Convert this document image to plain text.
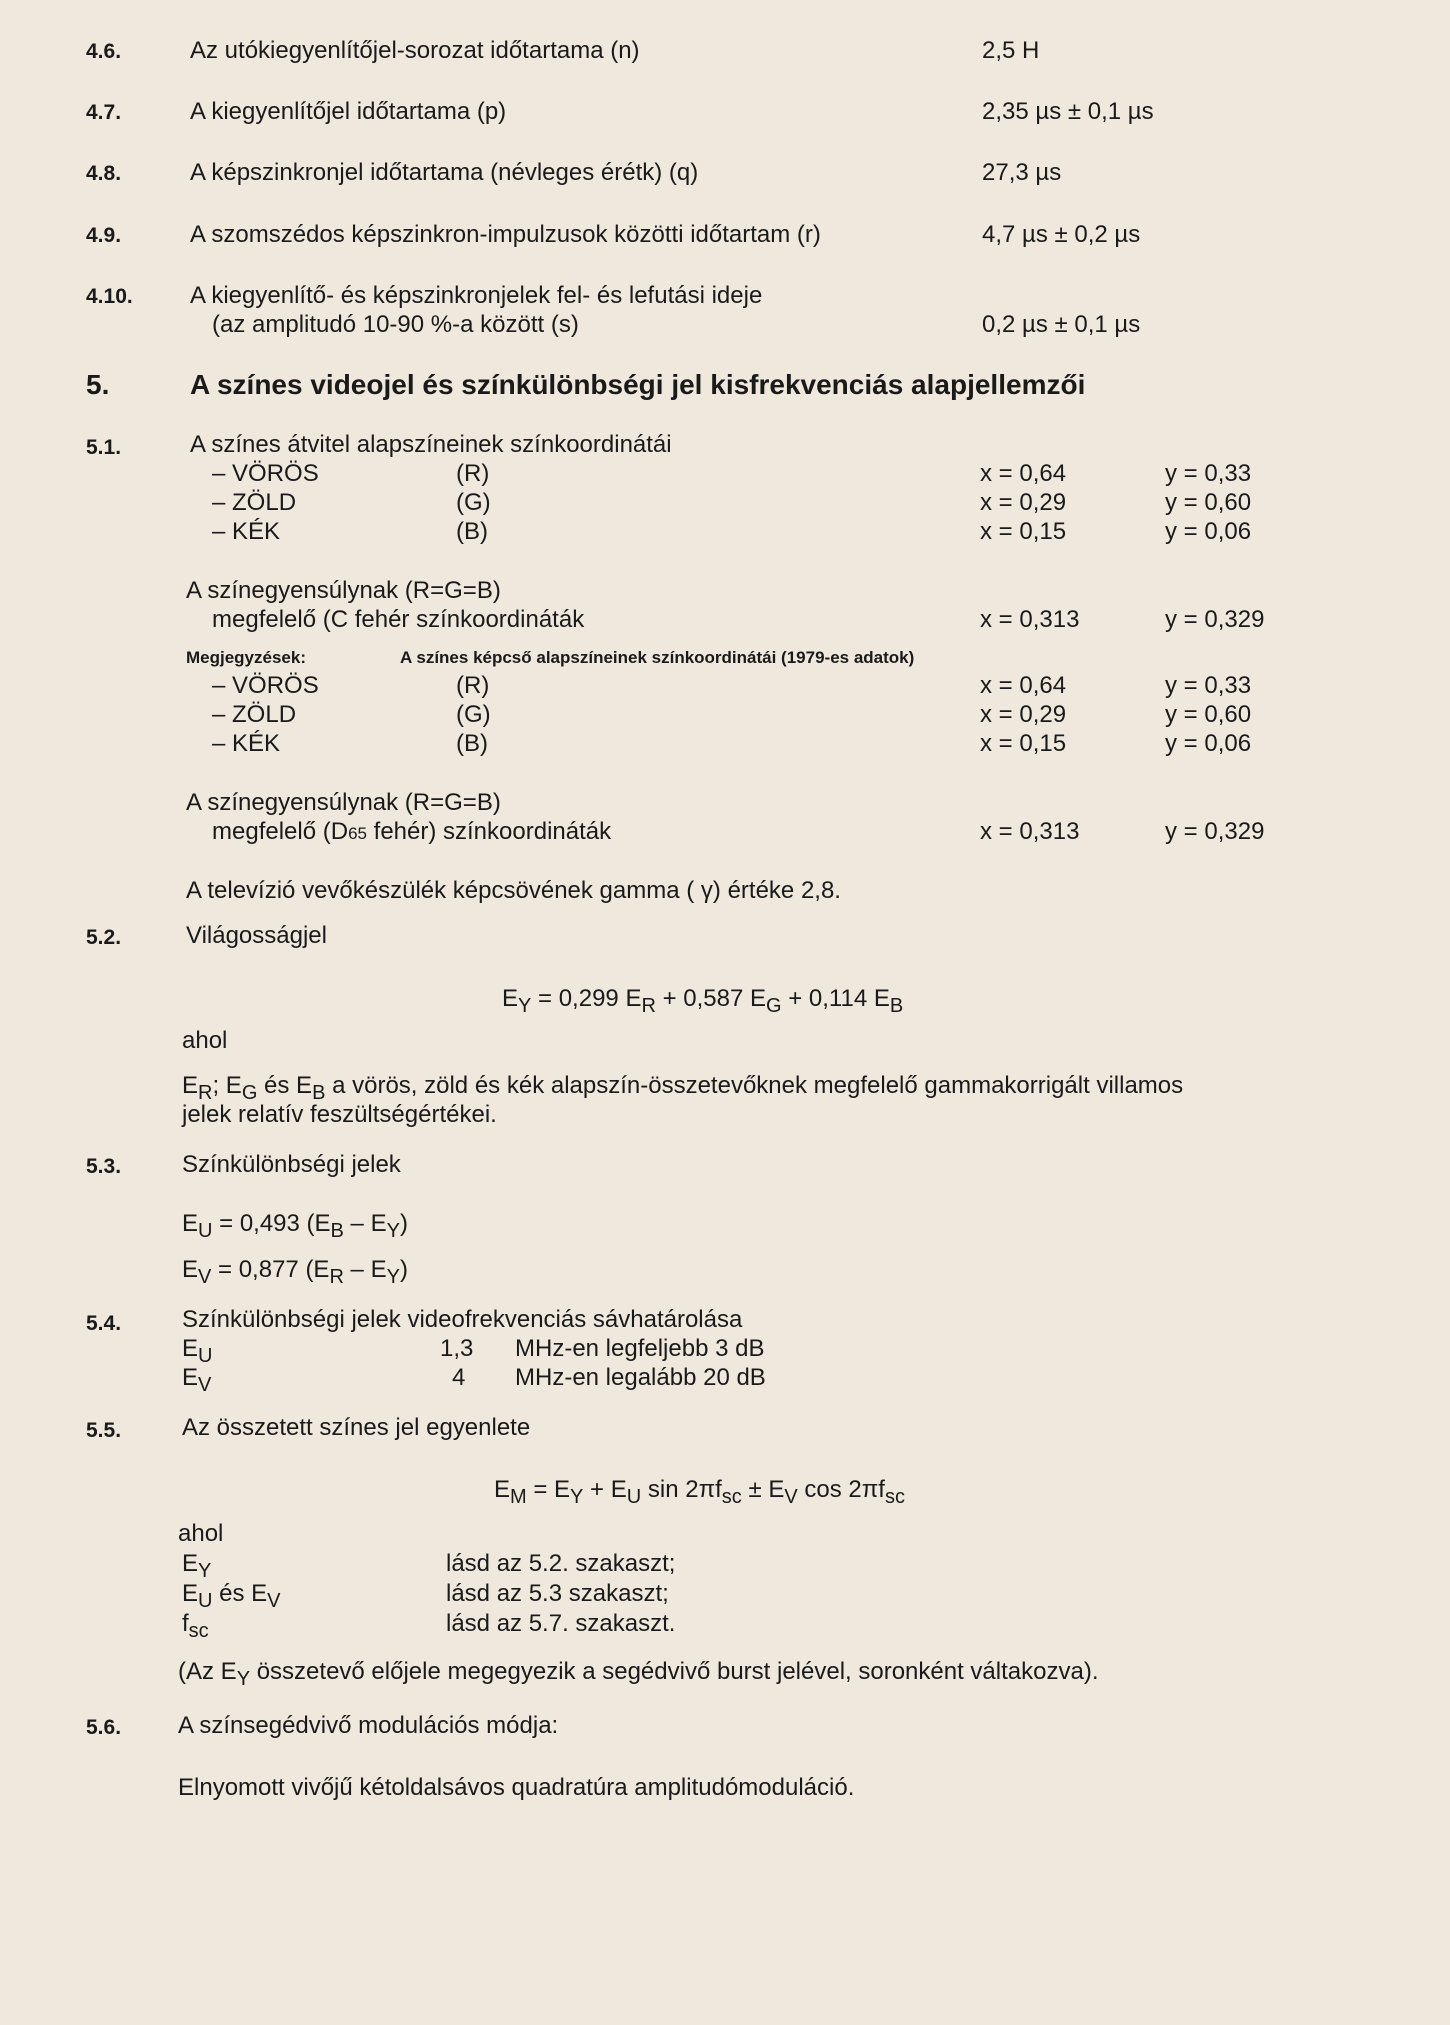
4.6.	Az utókiegyenlítőjel-sorozat időtartama (n)	2,5 H
4.7.	A kiegyenlítőjel időtartama (p)	2,35 µs ± 0,1 µs
4.8.	A képszinkronjel időtartama (névleges érétk) (q)	27,3 µs
4.9.	A szomszédos képszinkron-impulzusok közötti időtartam (r)	4,7 µs ± 0,2 µs
4.10. A kiegyenlítő- és képszinkronjelek fel- és lefutási ideje
(az amplitudó 10-90 %-a között (s)	0,2 µs ± 0,1 µs
5.	A színes videojel és színkülönbségi jel kisfrekvenciás alapjellemzői
5.1.	A színes átvitel alapszíneinek színkoordinátái
– VÖRÖS	(R)	x = 0,64	y = 0,33
– ZÖLD	(G)	x = 0,29	y = 0,60
– KÉK	(B)	x = 0,15	y = 0,06
A színegyensúlynak (R=G=B)
megfelelő (C fehér színkoordináták	x = 0,313	y = 0,329
Megjegyzések:	A színes képcső alapszíneinek színkoordinátái (1979-es adatok)
– VÖRÖS	(R)	x = 0,64	y = 0,33
– ZÖLD	(G)	x = 0,29	y = 0,60
– KÉK	(B)	x = 0,15	y = 0,06
A színegyensúlynak (R=G=B)
megfelelő (D65 fehér) színkoordináták	x = 0,313	y = 0,329
A televízió vevőkészülék képcsövének gamma ( γ) értéke 2,8.
5.2.	Világosságjel
$E_Y = 0,299$ $E_R + 0,587$ $E_G + 0,114$ $E_B$
ahol
$E_R$; $E_G$ és $E_B$ a vörös, zöld és kék alapszín-összetevőknek megfelelő gammakorrigált villamos
jelek relatív feszültségértékei.
5.3.	Színkülönbségi jelek
$E_U = 0,493$ $(E_B - E_Y)$
$E_V = 0,877$ $(E_R - E_Y)$
5.4.	Színkülönbségi jelek videofrekvenciás sávhatárolása
$E_U$	1,3 MHz-en legfeljebb 3 dB
$E_V$	4 MHz-en legalább 20 dB
5.5.	Az összetett színes jel egyenlete
$E_M = E_Y + E_U$ $\sin 2\pi f_{sc} \pm E_V$ $\cos 2\pi f_{sc}$
ahol
$E_Y$	lásd az 5.2. szakaszt;
$E_U$ és $E_V$	lásd az 5.3 szakaszt;
$f_{sc}$	lásd az 5.7. szakaszt.
(Az $E_Y$ összetevő előjele megegyezik a segédvivő burst jelével, soronként váltakozva).
5.6. A színsegédvivő modulációs módja:
Elnyomott vivőjű kétoldalsávos quadratúra amplitudómoduláció.
